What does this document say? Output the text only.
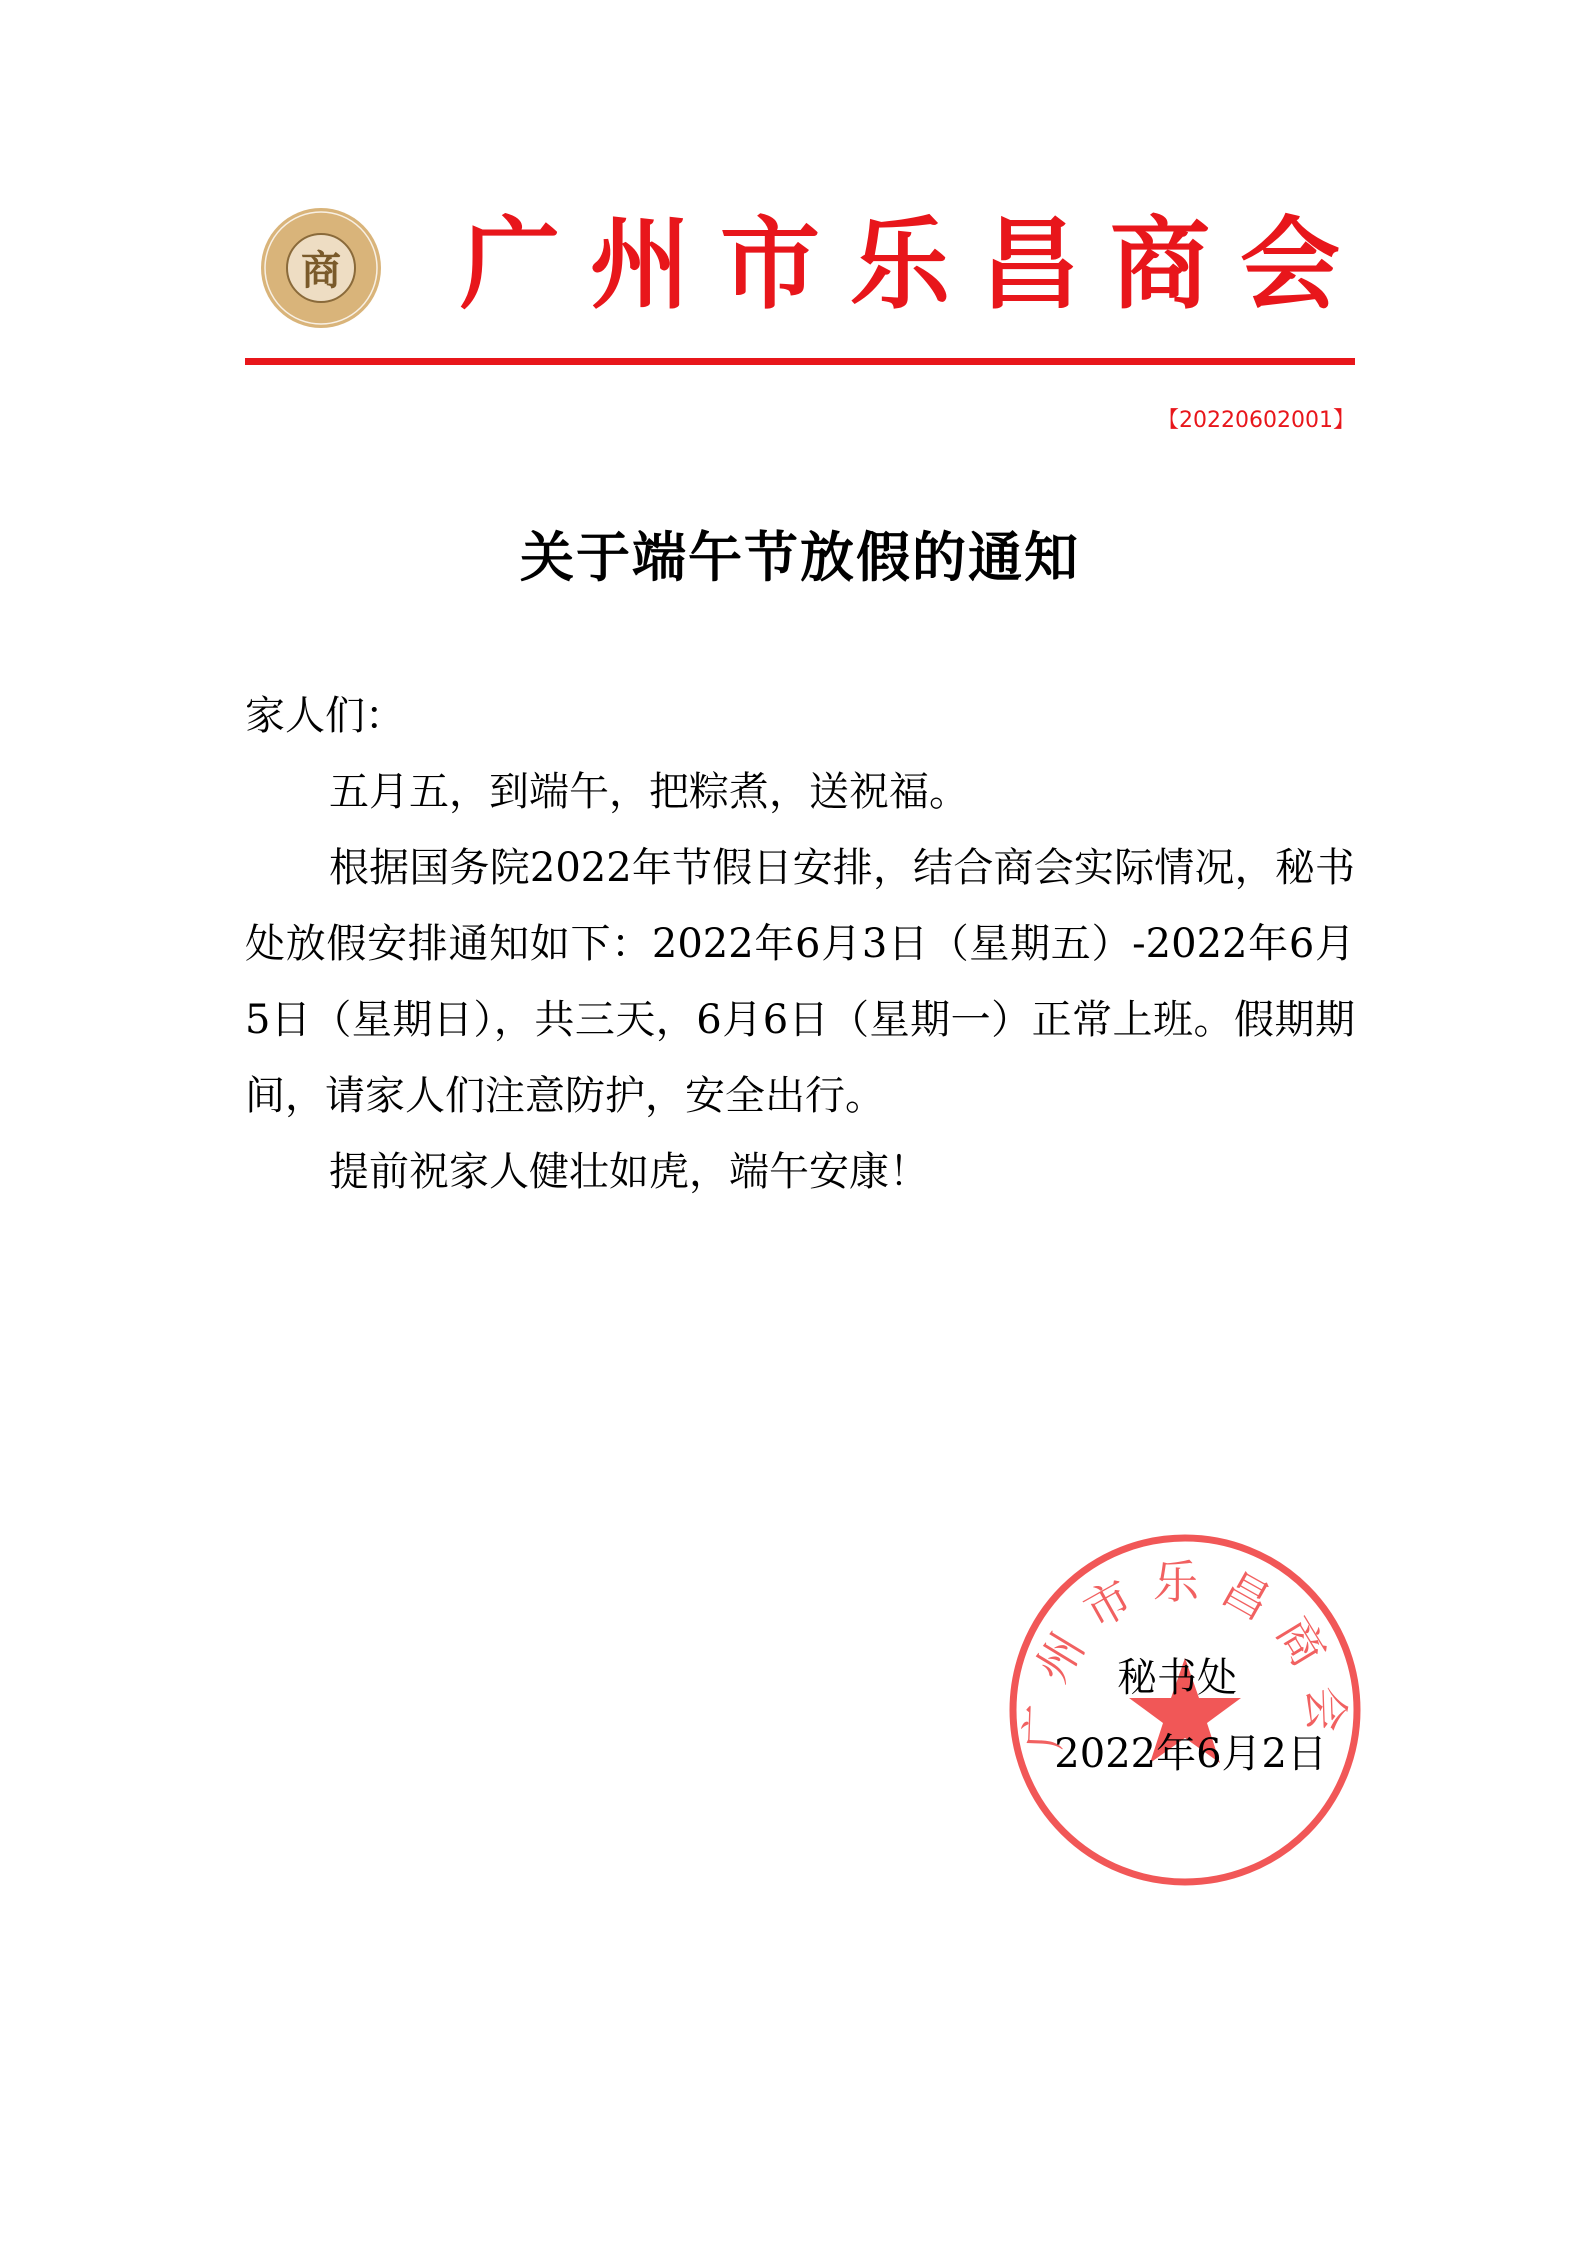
商 广州市乐昌商会
【20220602001】
关于端午节放假的通知

家人们：

五月五，到端午，把粽煮，送祝福。

根据国务院2022年节假日安排，结合商会实际情况，秘书处放假安排通知如下：2022年6月3日（星期五）-2022年6月5日（星期日），共三天，6月6日（星期一）正常上班。假期期间，请家人们注意防护，安全出行。

提前祝家人健壮如虎，端午安康！

广州市乐昌商会
秘书处
2022年6月2日
